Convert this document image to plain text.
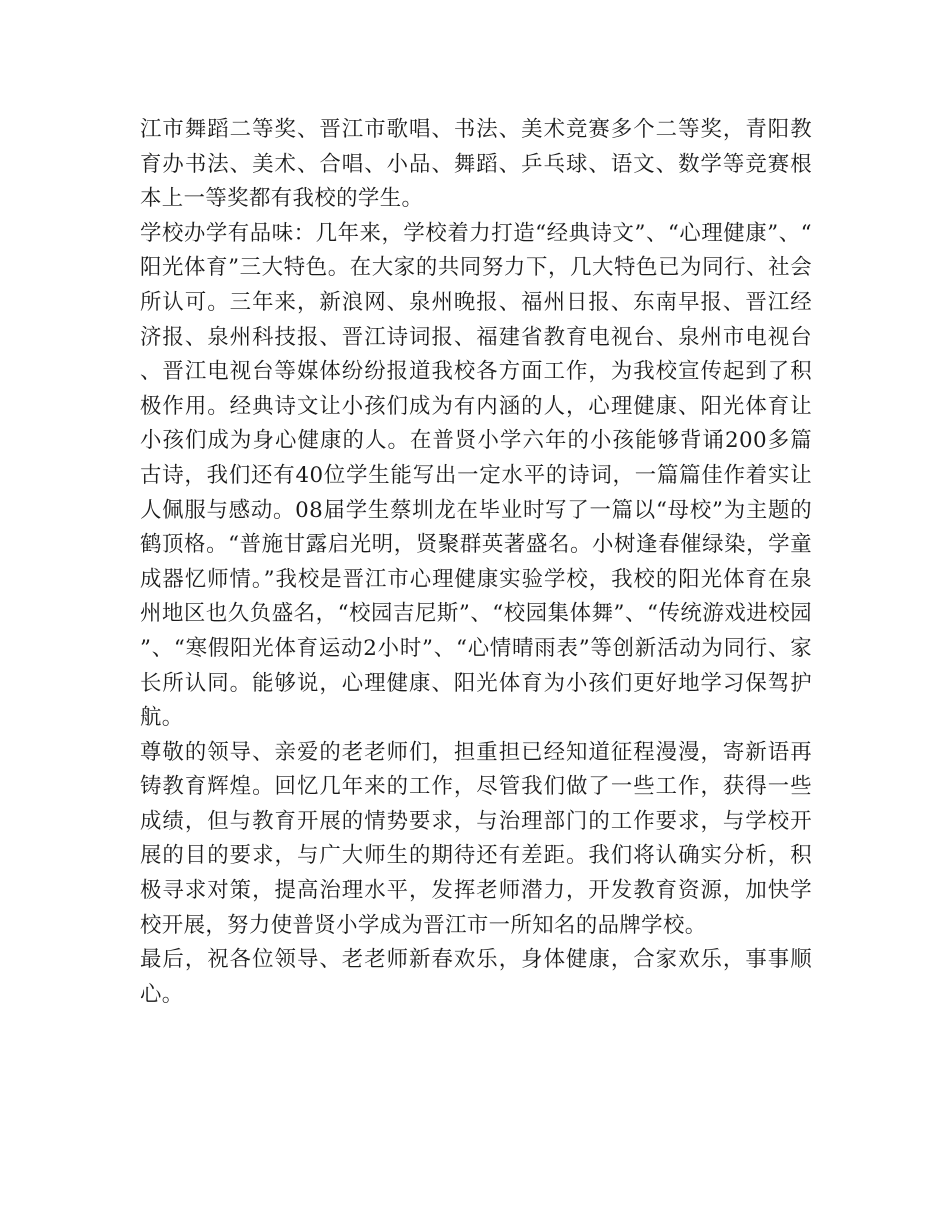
江市舞蹈二等奖、晋江市歌唱、书法、美术竞赛多个二等奖，青阳教育办书法、美术、合唱、小品、舞蹈、乒乓球、语文、数学等竞赛根本上一等奖都有我校的学生。

学校办学有品味：几年来，学校着力打造“经典诗文”、“心理健康”、“阳光体育”三大特色。在大家的共同努力下，几大特色已为同行、社会所认可。三年来，新浪网、泉州晚报、福州日报、东南早报、晋江经济报、泉州科技报、晋江诗词报、福建省教育电视台、泉州市电视台、晋江电视台等媒体纷纷报道我校各方面工作，为我校宣传起到了积极作用。经典诗文让小孩们成为有内涵的人，心理健康、阳光体育让小孩们成为身心健康的人。在普贤小学六年的小孩能够背诵200多篇古诗，我们还有40位学生能写出一定水平的诗词，一篇篇佳作着实让人佩服与感动。08届学生蔡圳龙在毕业时写了一篇以“母校”为主题的鹤顶格。“普施甘露启光明，贤聚群英著盛名。小树逢春催绿染，学童成器忆师情。”我校是晋江市心理健康实验学校，我校的阳光体育在泉州地区也久负盛名，“校园吉尼斯”、“校园集体舞”、“传统游戏进校园”、“寒假阳光体育运动2小时”、“心情晴雨表”等创新活动为同行、家长所认同。能够说，心理健康、阳光体育为小孩们更好地学习保驾护航。

尊敬的领导、亲爱的老老师们，担重担已经知道征程漫漫，寄新语再铸教育辉煌。回忆几年来的工作，尽管我们做了一些工作，获得一些成绩，但与教育开展的情势要求，与治理部门的工作要求，与学校开展的目的要求，与广大师生的期待还有差距。我们将认确实分析，积极寻求对策，提高治理水平，发挥老师潜力，开发教育资源，加快学校开展，努力使普贤小学成为晋江市一所知名的品牌学校。

最后，祝各位领导、老老师新春欢乐，身体健康，合家欢乐，事事顺心。
